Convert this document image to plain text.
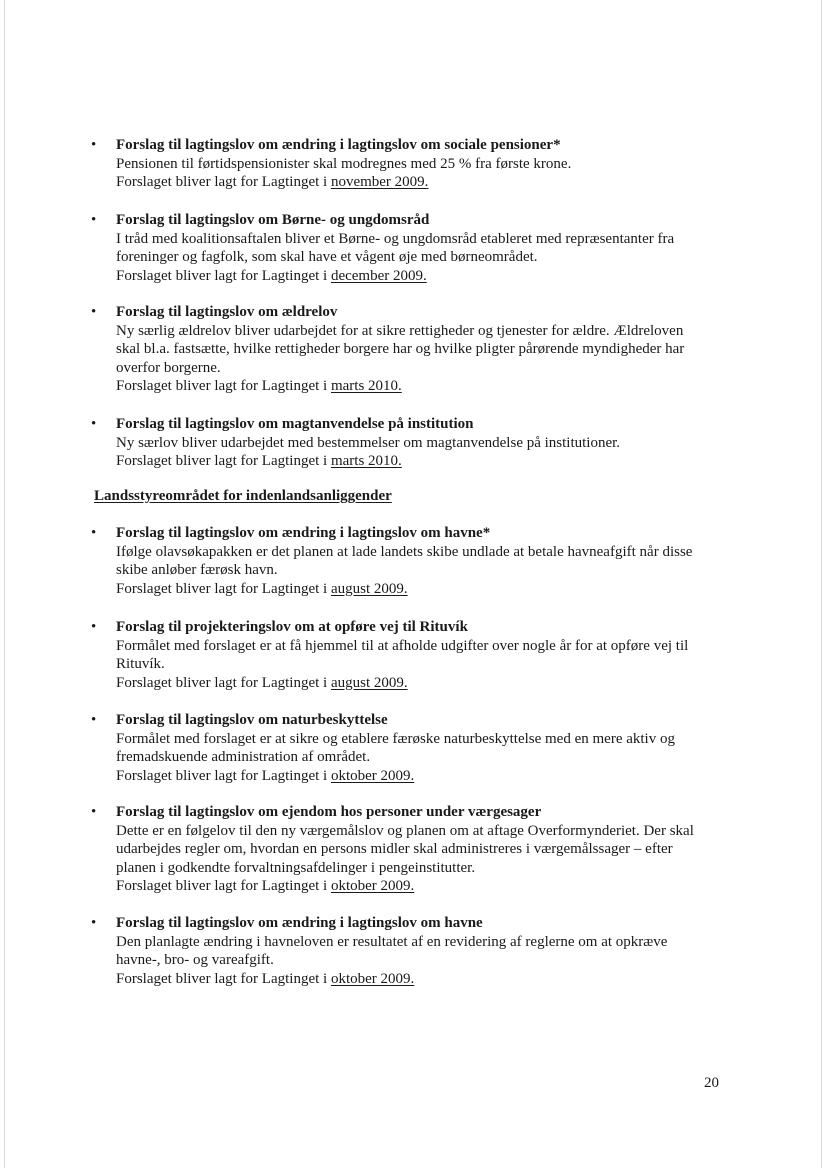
• Forslag til lagtingslov om ændring i lagtingslov om sociale pensioner*
Pensionen til førtidspensionister skal modregnes med 25 % fra første krone.
Forslaget bliver lagt for Lagtinget i november 2009.
• Forslag til lagtingslov om Børne- og ungdomsråd
I tråd med koalitionsaftalen bliver et Børne- og ungdomsråd etableret med repræsentanter fra
foreninger og fagfolk, som skal have et vågent øje med børneområdet.
Forslaget bliver lagt for Lagtinget i december 2009.
• Forslag til lagtingslov om ældrelov
Ny særlig ældrelov bliver udarbejdet for at sikre rettigheder og tjenester for ældre. Ældreloven
skal bl.a. fastsætte, hvilke rettigheder borgere har og hvilke pligter pårørende myndigheder har
overfor borgerne.
Forslaget bliver lagt for Lagtinget i marts 2010.
• Forslag til lagtingslov om magtanvendelse på institution
Ny særlov bliver udarbejdet med bestemmelser om magtanvendelse på institutioner.
Forslaget bliver lagt for Lagtinget i marts 2010.
Landsstyreområdet for indenlandsanliggender
• Forslag til lagtingslov om ændring i lagtingslov om havne*
Ifølge olavsøkapakken er det planen at lade landets skibe undlade at betale havneafgift når disse
skibe anløber færøsk havn.
Forslaget bliver lagt for Lagtinget i august 2009.
• Forslag til projekteringslov om at opføre vej til Rituvík
Formålet med forslaget er at få hjemmel til at afholde udgifter over nogle år for at opføre vej til
Rituvík.
Forslaget bliver lagt for Lagtinget i august 2009.
• Forslag til lagtingslov om naturbeskyttelse
Formålet med forslaget er at sikre og etablere færøske naturbeskyttelse med en mere aktiv og
fremadskuende administration af området.
Forslaget bliver lagt for Lagtinget i oktober 2009.
• Forslag til lagtingslov om ejendom hos personer under værgesager
Dette er en følgelov til den ny værgemålslov og planen om at aftage Overformynderiet. Der skal
udarbejdes regler om, hvordan en persons midler skal administreres i værgemålssager – efter
planen i godkendte forvaltningsafdelinger i pengeinstitutter.
Forslaget bliver lagt for Lagtinget i oktober 2009.
• Forslag til lagtingslov om ændring i lagtingslov om havne
Den planlagte ændring i havneloven er resultatet af en revidering af reglerne om at opkræve
havne-, bro- og vareafgift.
Forslaget bliver lagt for Lagtinget i oktober 2009.
20
